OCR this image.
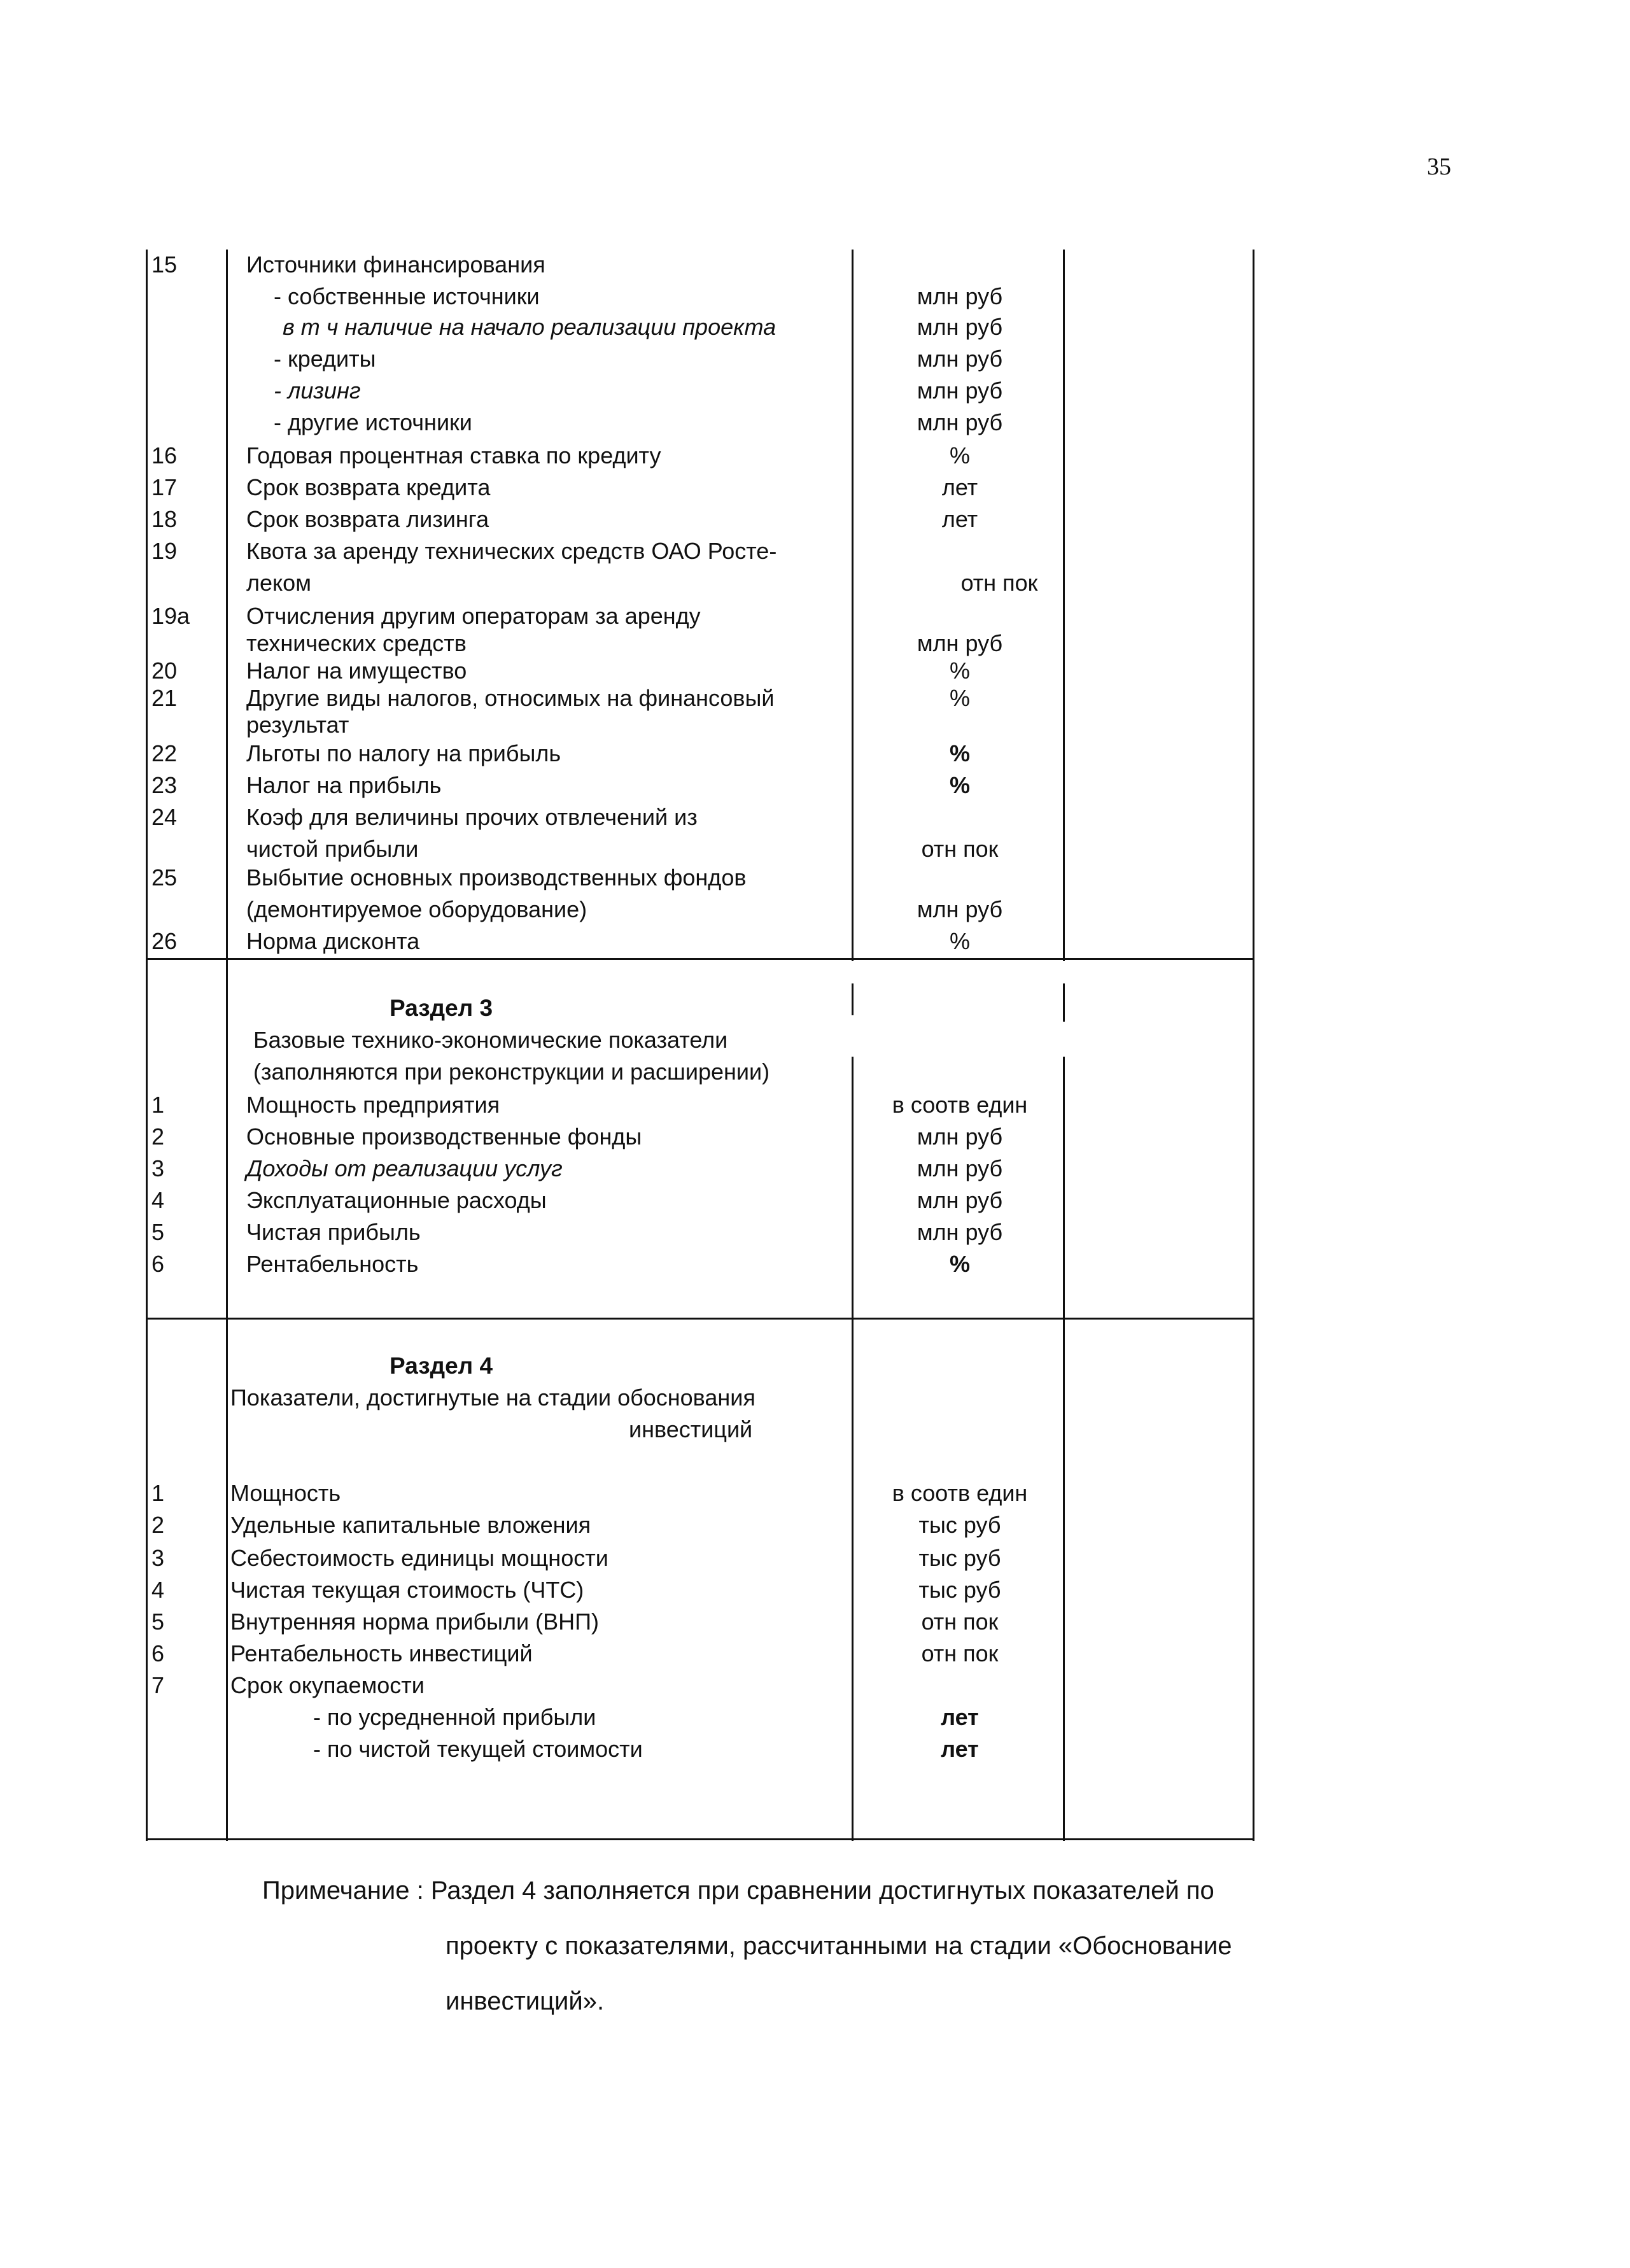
35
15	Источники финансирования
- собственные источники	млн руб
в т ч наличие на начало реализации проекта	млн руб
- кредиты	млн руб
- лизинг	млн руб
- другие источники	млн руб
16	Годовая процентная ставка по кредиту	%
17	Срок возврата кредита	лет
18	Срок возврата лизинга	лет
19	Квота за аренду технических средств ОАО Росте-
леком	отн пок
19а Отчисления другим операторам за аренду
технических средств	млн руб
20	Налог на имущество	%
21	Другие виды налогов, относимых на финансовый	%
результат
22	Льготы по налогу на прибыль	%
23	Налог на прибыль	%
24	Коэф для величины прочих отвлечений из
чистой прибыли	отн пок
25	Выбытие основных производственных фондов
(демонтируемое оборудование)	млн руб
26	Норма дисконта	%
Раздел 3
Базовые технико-экономические показатели
(заполняются при реконструкции и расширении)
1	Мощность предприятия	в соотв един
2	Основные производственные фонды	млн руб
3	Доходы от реализации услуг	млн руб
4	Эксплуатационные расходы	млн руб
5	Чистая прибыль	млн руб
6	Рентабельность	%
Раздел 4
Показатели, достигнутые на стадии обоснования
инвестиций
1	Мощность	в соотв един
2	Удельные капитальные вложения	тыс руб
3	Себестоимость единицы мощности	тыс руб
4	Чистая текущая стоимость (ЧТС)	тыс руб
5	Внутренняя норма прибыли (ВНП)	отн пок
6	Рентабельность инвестиций	отн пок
7	Срок окупаемости
- по усредненной прибыли	лет
- по чистой текущей стоимости	лет
Примечание : Раздел 4 заполняется при сравнении достигнутых показателей по
проекту с показателями, рассчитанными на стадии «Обоснование
инвестиций».
